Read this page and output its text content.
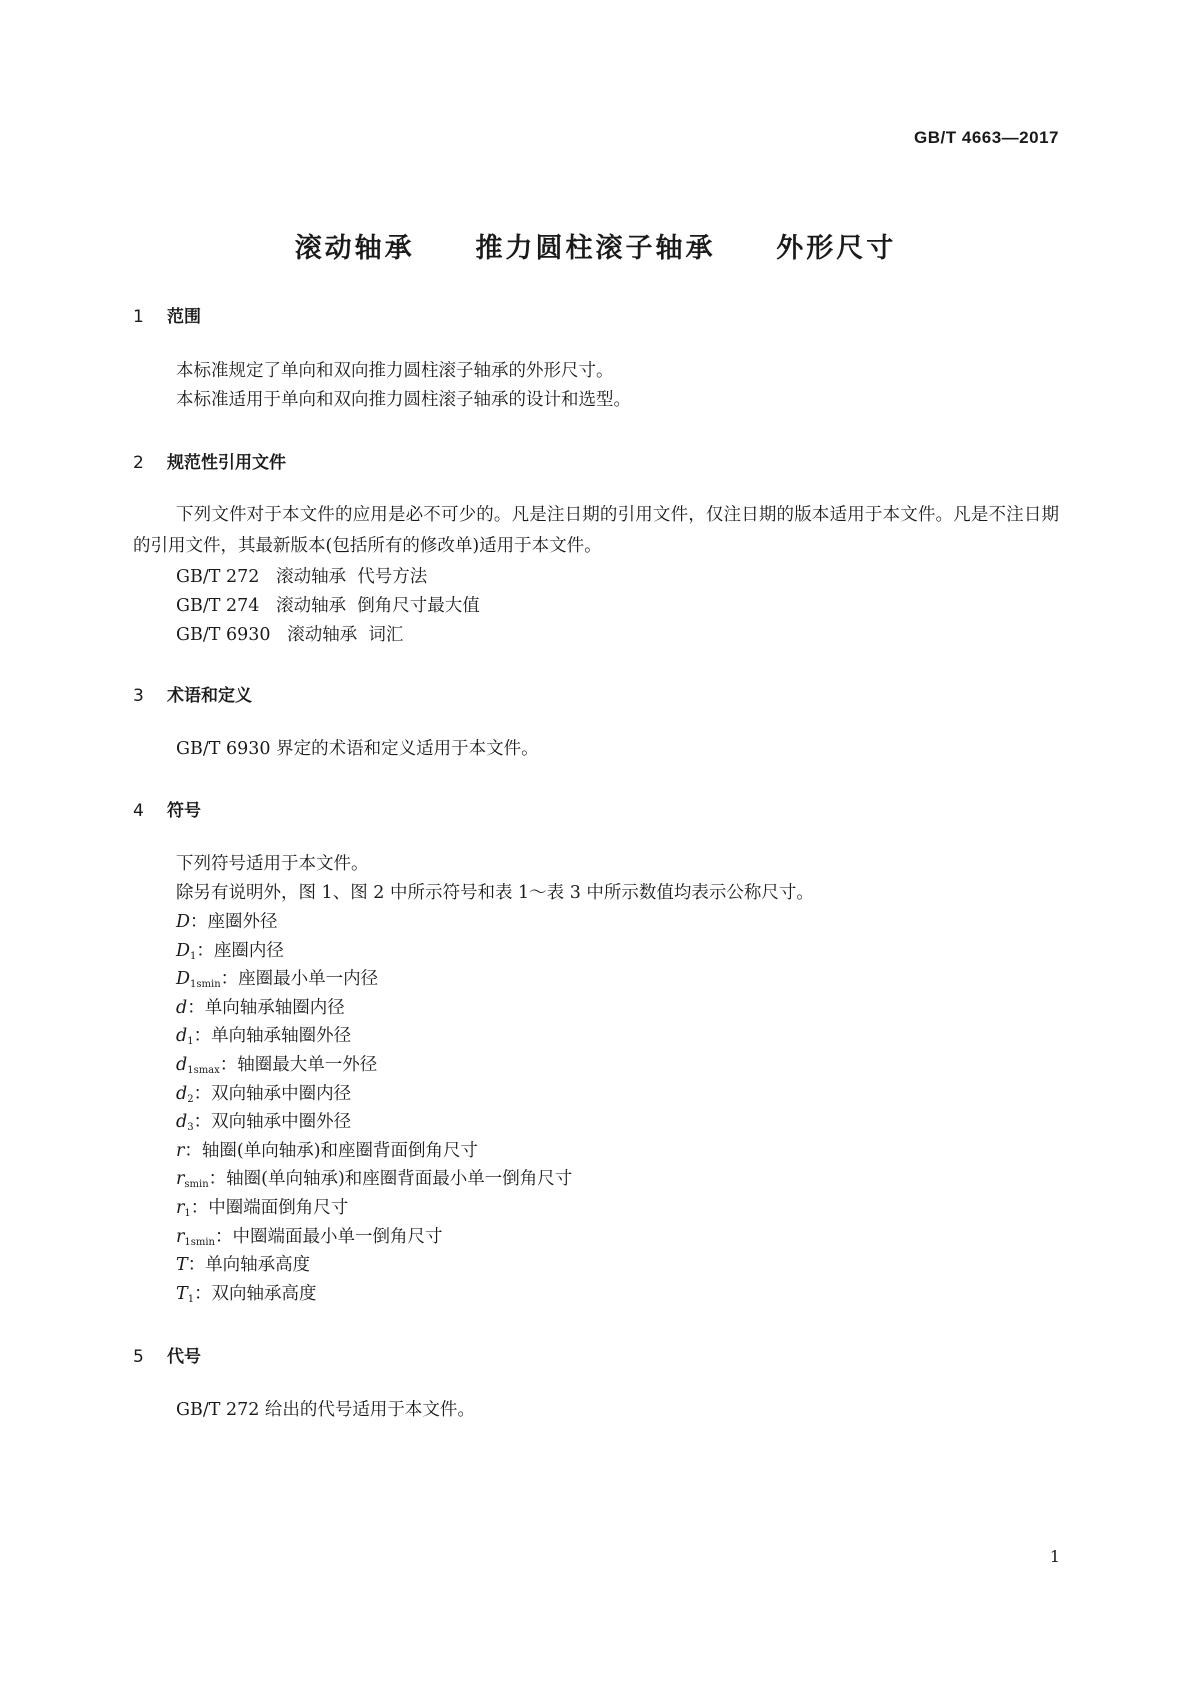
GB/T 4663—2017
滚动轴承  推力圆柱滚子轴承  外形尺寸
1 范围
本标准规定了单向和双向推力圆柱滚子轴承的外形尺寸。
本标准适用于单向和双向推力圆柱滚子轴承的设计和选型。
2 规范性引用文件
下列文件对于本文件的应用是必不可少的。凡是注日期的引用文件，仅注日期的版本适用于本文件。凡是不注日期的引用文件，其最新版本(包括所有的修改单)适用于本文件。
GB/T 272 滚动轴承  代号方法
GB/T 274 滚动轴承  倒角尺寸最大值
GB/T 6930 滚动轴承  词汇
3 术语和定义
GB/T 6930 界定的术语和定义适用于本文件。
4 符号
下列符号适用于本文件。
除另有说明外，图 1、图 2 中所示符号和表 1～表 3 中所示数值均表示公称尺寸。
D：座圈外径
$D_1$：座圈内径
$D_{1smin}$：座圈最小单一内径
d：单向轴承轴圈内径
$d_1$：单向轴承轴圈外径
$d_{1smax}$：轴圈最大单一外径
$d_2$：双向轴承中圈内径
$d_3$：双向轴承中圈外径
r：轴圈(单向轴承)和座圈背面倒角尺寸
$r_{smin}$：轴圈(单向轴承)和座圈背面最小单一倒角尺寸
$r_1$：中圈端面倒角尺寸
$r_{1smin}$：中圈端面最小单一倒角尺寸
T：单向轴承高度
$T_1$：双向轴承高度
5 代号
GB/T 272 给出的代号适用于本文件。
1
